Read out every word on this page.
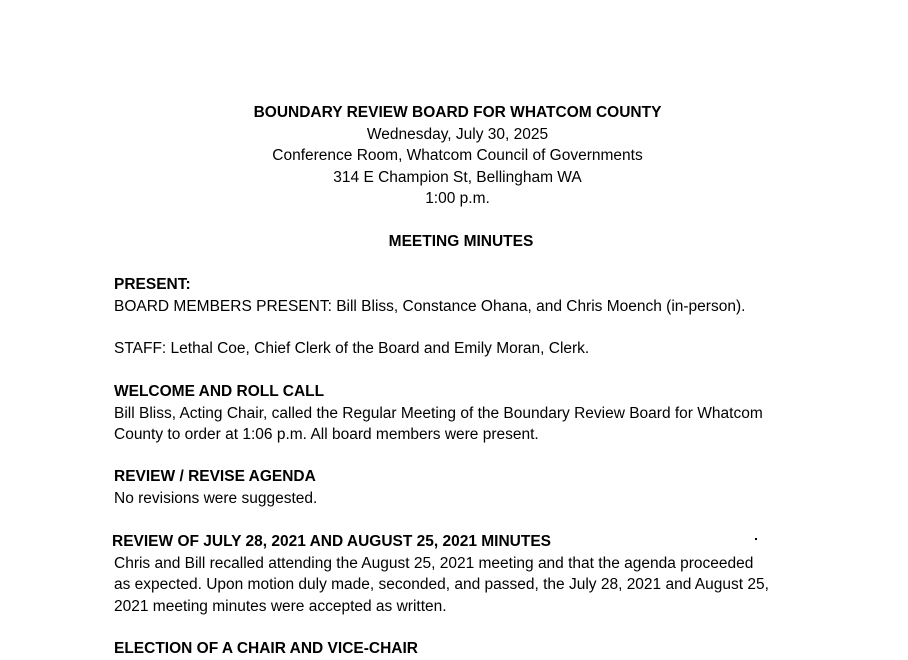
BOUNDARY REVIEW BOARD FOR WHATCOM COUNTY
Wednesday, July 30, 2025
Conference Room, Whatcom Council of Governments
314 E Champion St, Bellingham WA
1:00 p.m.
MEETING MINUTES
PRESENT:
BOARD MEMBERS PRESENT: Bill Bliss, Constance Ohana, and Chris Moench (in-person).
STAFF: Lethal Coe, Chief Clerk of the Board and Emily Moran, Clerk.
WELCOME AND ROLL CALL
Bill Bliss, Acting Chair, called the Regular Meeting of the Boundary Review Board for Whatcom
County to order at 1:06 p.m. All board members were present.
REVIEW / REVISE AGENDA
No revisions were suggested.
REVIEW OF JULY 28, 2021 AND AUGUST 25, 2021 MINUTES
Chris and Bill recalled attending the August 25, 2021 meeting and that the agenda proceeded
as expected. Upon motion duly made, seconded, and passed, the July 28, 2021 and August 25,
2021 meeting minutes were accepted as written.
ELECTION OF A CHAIR AND VICE-CHAIR
